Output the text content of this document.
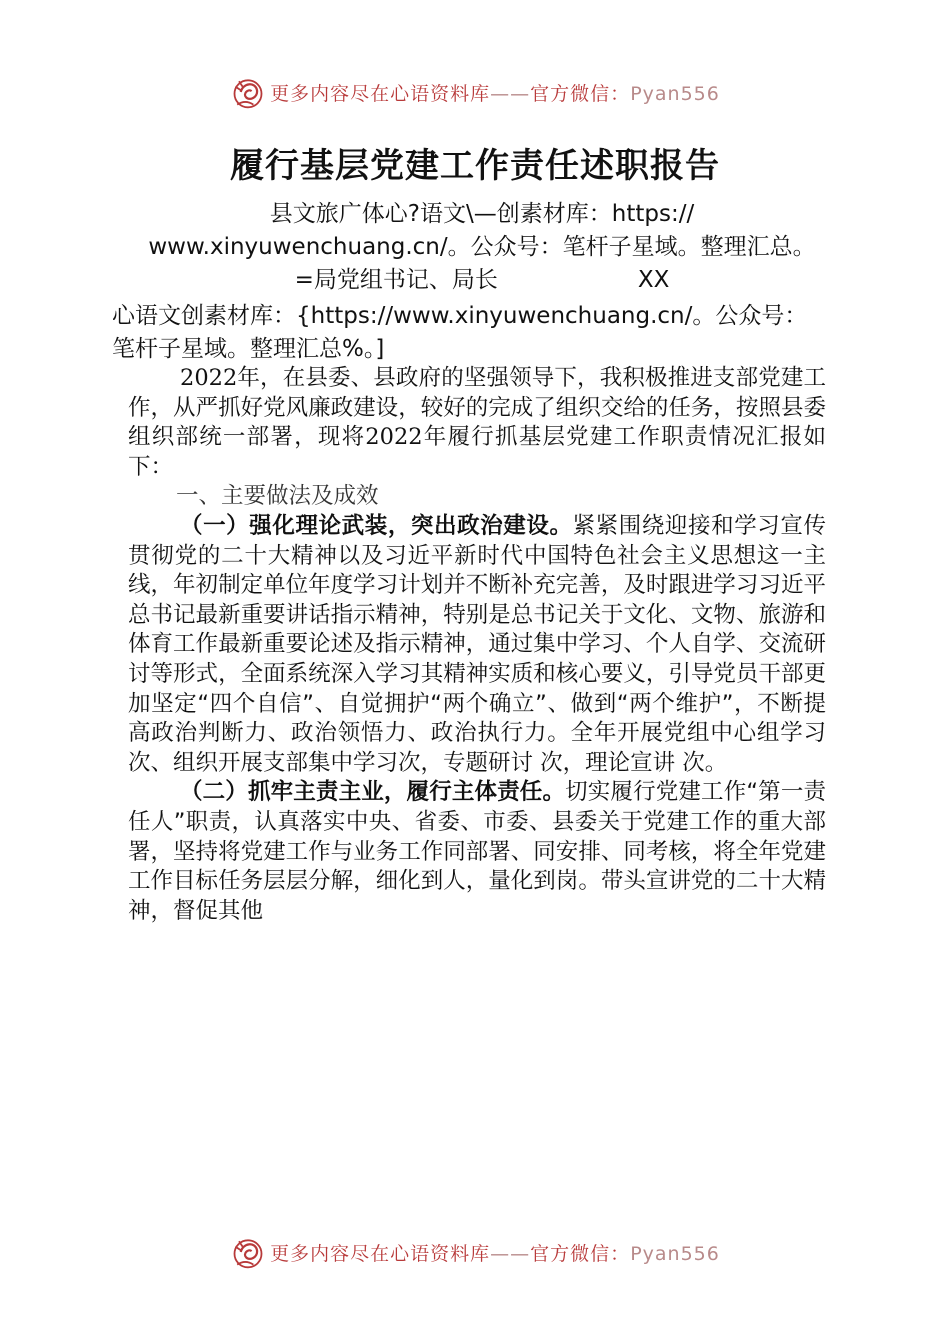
更多内容尽在心语资料库——官方微信：Pyan556
履行基层党建工作责任述职报告
县文旅广体心?语文\—创素材库：https://
www.xinyuwenchuang.cn/。公众号：笔杆子星域。整理汇总。
=局党组书记、局长	XX
心语文创素材库：{https://www.xinyuwenchuang.cn/。公众号：
笔杆子星域。整理汇总%。]

2022年，在县委、县政府的坚强领导下，我积极推进支部党建工作，从严抓好党风廉政建设，较好的完成了组织交给的任务，按照县委组织部统一部署，现将2022年履行抓基层党建工作职责情况汇报如下：

一、主要做法及成效

（一）强化理论武装，突出政治建设。紧紧围绕迎接和学习宣传贯彻党的二十大精神以及习近平新时代中国特色社会主义思想这一主线，年初制定单位年度学习计划并不断补充完善，及时跟进学习习近平总书记最新重要讲话指示精神，特别是总书记关于文化、文物、旅游和体育工作最新重要论述及指示精神，通过集中学习、个人自学、交流研讨等形式，全面系统深入学习其精神实质和核心要义，引导党员干部更加坚定“四个自信”、自觉拥护“两个确立”、做到“两个维护”，不断提高政治判断力、政治领悟力、政治执行力。全年开展党组中心组学习 次、组织开展支部集中学习次，专题研讨 次，理论宣讲 次。

（二）抓牢主责主业，履行主体责任。切实履行党建工作“第一责任人”职责，认真落实中央、省委、市委、县委关于党建工作的重大部署，坚持将党建工作与业务工作同部署、同安排、同考核，将全年党建工作目标任务层层分解，细化到人，量化到岗。带头宣讲党的二十大精神，督促其他

更多内容尽在心语资料库——官方微信：Pyan556
